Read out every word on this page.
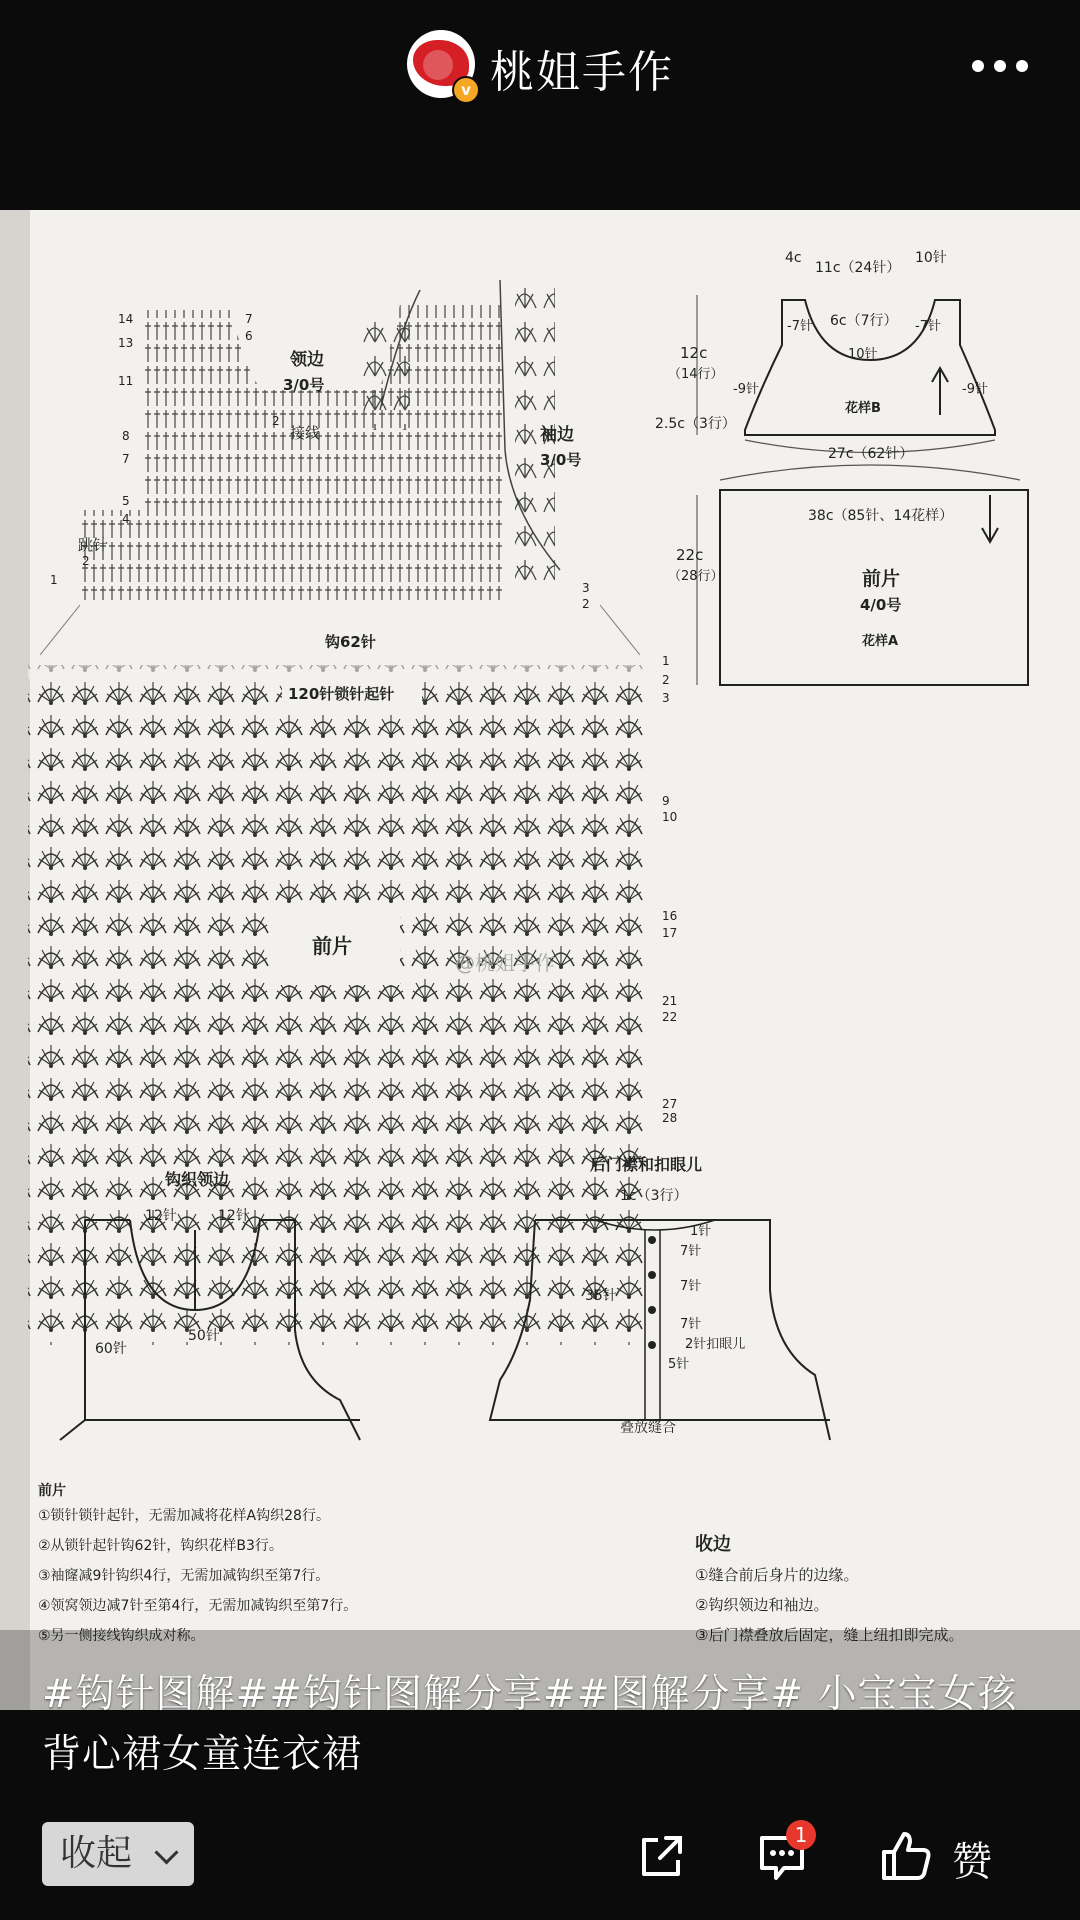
v 桃姐手作
领边
3/0号
袖边
3/0号
接线
跳针
钩62针
14
13
11
8
7
5
4
2
1
7
6
2
3
2
120针锁针起针
前片
@桃姐手作
1
2
3
9
10
16
17
21
22
27
28
4c
11c（24针）
10针
-7针 6c（7行） -7针
10针
12c
（14行）
-9针	-9针
花样B
2.5c（3行）
27c（62针）
38c（85针、14花样）
22c
（28行）	前片
4/0号
花样A
钩织领边
12针	12针
60针
50针
后门襟和扣眼儿
1c（3行）
1针
7针
7针
7针
35针
2针扣眼儿
5针
叠放缝合
前片
①锁针锁针起针，无需加减将花样A钩织28行。
②从锁针起针钩62针，钩织花样B3行。
③袖窿减9针钩织4行，无需加减钩织至第7行。
④领窝领边减7针至第4行，无需加减钩织至第7行。
⑤另一侧接线钩织成对称。
收边
①缝合前后身片的边缘。
②钩织领边和袖边。
③后门襟叠放后固定，缝上纽扣即完成。
#钩针图解##钩针图解分享##图解分享# 小宝宝女孩背心裙女童连衣裙
收起	1
赞
